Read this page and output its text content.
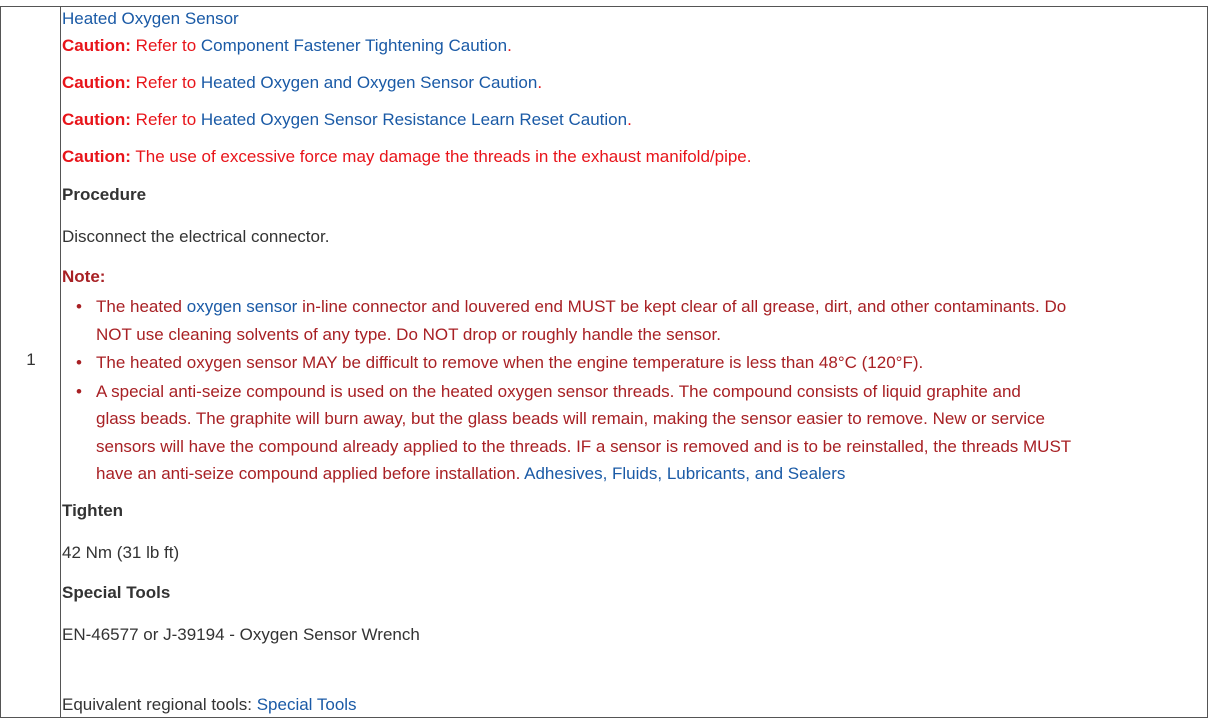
1
Heated Oxygen Sensor
Caution: Refer to Component Fastener Tightening Caution.
Caution: Refer to Heated Oxygen and Oxygen Sensor Caution.
Caution: Refer to Heated Oxygen Sensor Resistance Learn Reset Caution.
Caution: The use of excessive force may damage the threads in the exhaust manifold/pipe.
Procedure
Disconnect the electrical connector.
Note:
• The heated oxygen sensor in-line connector and louvered end MUST be kept clear of all grease, dirt, and other contaminants. Do
NOT use cleaning solvents of any type. Do NOT drop or roughly handle the sensor.
• The heated oxygen sensor MAY be difficult to remove when the engine temperature is less than 48°C (120°F).
• A special anti-seize compound is used on the heated oxygen sensor threads. The compound consists of liquid graphite and
glass beads. The graphite will burn away, but the glass beads will remain, making the sensor easier to remove. New or service
sensors will have the compound already applied to the threads. IF a sensor is removed and is to be reinstalled, the threads MUST
have an anti-seize compound applied before installation. Adhesives, Fluids, Lubricants, and Sealers
Tighten
42 Nm (31 lb ft)
Special Tools
EN-46577 or J-39194 - Oxygen Sensor Wrench
Equivalent regional tools: Special Tools
